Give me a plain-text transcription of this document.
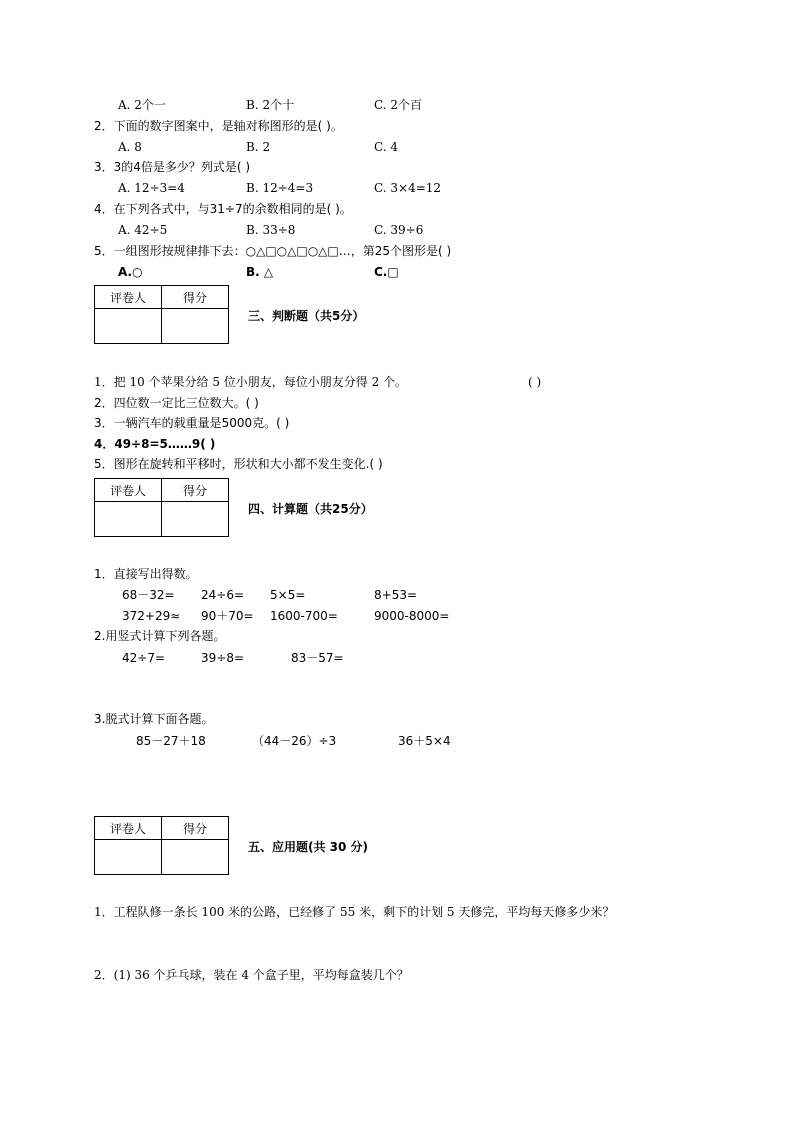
A. 2个一	B. 2个十	C. 2个百
2．下面的数字图案中，是轴对称图形的是( )。
A. 8	B. 2	C. 4
3．3的4倍是多少？列式是( )
A. 12÷3=4	B. 12÷4=3	C. 3×4=12
4．在下列各式中，与31÷7的余数相同的是( )。
A. 42÷5	B. 33÷8	C. 39÷6
5．一组图形按规律排下去：○△□○△□○△□…，第25个图形是( )
A.○	B. △	C.□
评卷人	得分

三、判断题（共5分）
1．把 10 个苹果分给 5 位小朋友，每位小朋友分得 2 个。	( )
2．四位数一定比三位数大。( )
3．一辆汽车的载重量是5000克。( )
4．49÷8=5……9( )
5．图形在旋转和平移时，形状和大小都不发生变化.( )
评卷人	得分

四、计算题（共25分）
1．直接写出得数。
68－32= 24÷6= 5×5=	8+53=
372+29≈ 90＋70= 1600-700=	9000-8000=
2.用竖式计算下列各题。
42÷7=	39÷8=	83－57=
3.脱式计算下面各题。
85－27＋18	（44－26）÷3	36＋5×4
评卷人	得分

五、应用题(共 30 分)
1．工程队修一条长 100 米的公路，已经修了 55 米，剩下的计划 5 天修完，平均每天修多少米？
2．(1) 36 个乒乓球，装在 4 个盒子里，平均每盒装几个？
